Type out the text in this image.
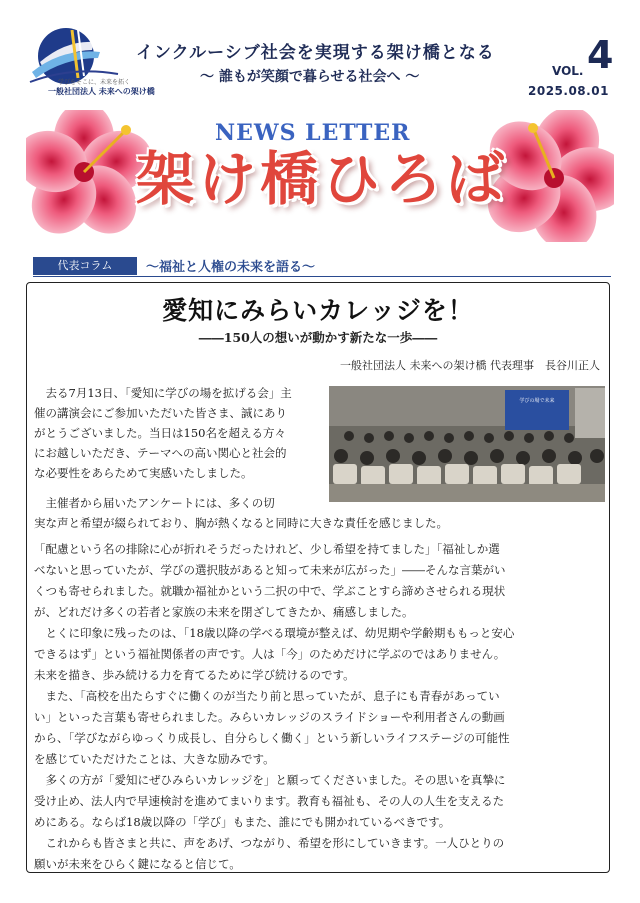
学びをそこに、未来を拓く
一般社団法人 未来への架け橋
インクルーシブ社会を実現する架け橋となる
〜 誰もが笑顔で暮らせる社会へ 〜	VOL. 4
2025.08.01
NEWS LETTER
架け橋ひろば
代表コラム	〜福祉と人権の未来を語る〜
愛知にみらいカレッジを！
――150人の想いが動かす新たな一歩――
一般社団法人 未来への架け橋 代表理事　長谷川正人
学びの場で未来

　去る7月13日、「愛知に学びの場を拡げる会」主

催の講演会にご参加いただいた皆さま、誠にあり

がとうございました。当日は150名を超える方々

にお越しいただき、テーマへの高い関心と社会的

な必要性をあらためて実感いたしました。

　主催者から届いたアンケートには、多くの切

実な声と希望が綴られており、胸が熱くなると同時に大きな責任を感じました。

「配慮という名の排除に心が折れそうだったけれど、少し希望を持てました」「福祉しか選

べないと思っていたが、学びの選択肢があると知って未来が広がった」――そんな言葉がい

くつも寄せられました。就職か福祉かという二択の中で、学ぶことすら諦めさせられる現状

が、どれだけ多くの若者と家族の未来を閉ざしてきたか、痛感しました。

　とくに印象に残ったのは、「18歳以降の学べる環境が整えば、幼児期や学齢期ももっと安心

できるはず」という福祉関係者の声です。人は「今」のためだけに学ぶのではありません。

未来を描き、歩み続ける力を育てるために学び続けるのです。

　また、「高校を出たらすぐに働くのが当たり前と思っていたが、息子にも青春があってい

い」といった言葉も寄せられました。みらいカレッジのスライドショーや利用者さんの動画

から、「学びながらゆっくり成長し、自分らしく働く」という新しいライフステージの可能性

を感じていただけたことは、大きな励みです。

　多くの方が「愛知にぜひみらいカレッジを」と願ってくださいました。その思いを真摯に

受け止め、法人内で早速検討を進めてまいります。教育も福祉も、その人の人生を支えるた

めにある。ならば18歳以降の「学び」もまた、誰にでも開かれているべきです。

　これからも皆さまと共に、声をあげ、つながり、希望を形にしていきます。一人ひとりの

願いが未来をひらく鍵になると信じて。
